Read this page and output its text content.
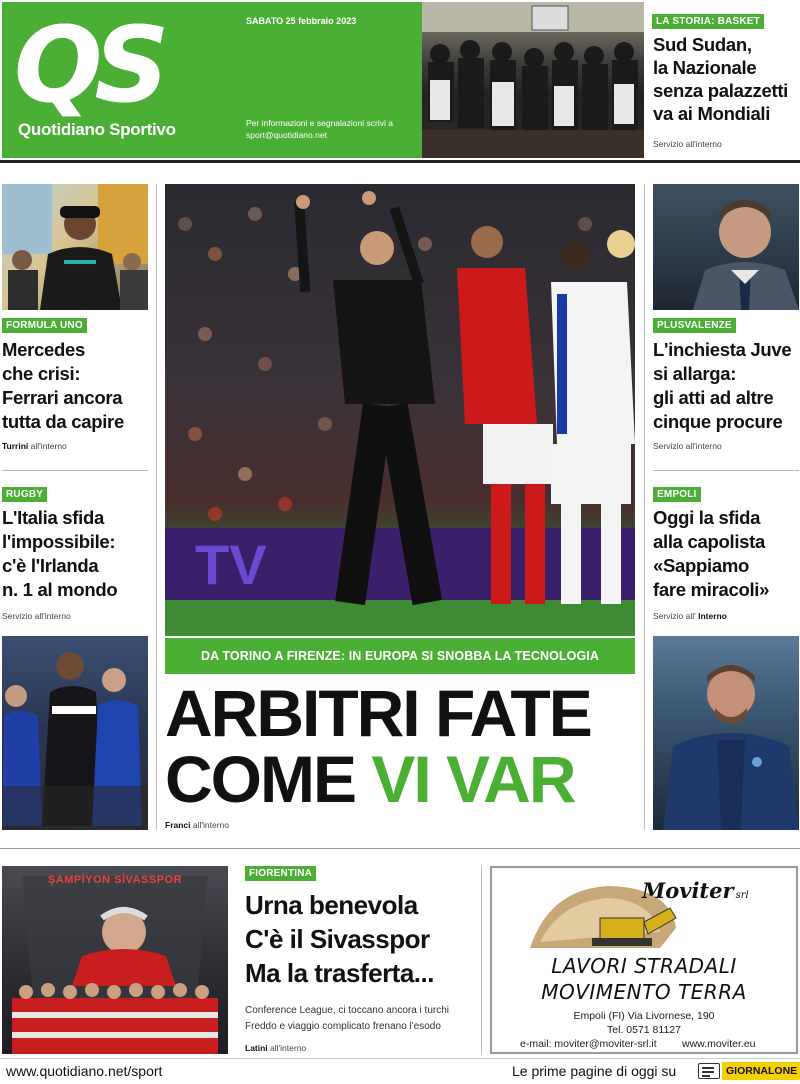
QS
Quotidiano Sportivo
SABATO 25 febbraio 2023
Per informazioni e segnalazioni scrivi a
sport@quotidiano.net
LA STORIA: BASKET
Sud Sudan,
la Nazionale
senza palazzetti
va ai Mondiali
Servizio all'interno
FORMULA UNO
Mercedes
che crisi:
Ferrari ancora
tutta da capire
Turrini all'interno
RUGBY
L'Italia sfida
l'impossibile:
c'è l'Irlanda
n. 1 al mondo
Servizio all'interno
TV
DA TORINO A FIRENZE: IN EUROPA SI SNOBBA LA TECNOLOGIA
ARBITRI FATE
COME VI VAR
Franci all'interno
PLUSVALENZE
L'inchiesta Juve
si allarga:
gli atti ad altre
cinque procure
Servizio all'interno
EMPOLI
Oggi la sfida
alla capolista
«Sappiamo
fare miracoli»
Servizio all' Interno
ŞAMPİYON SİVASSPOR
FIORENTINA
Urna benevola
C'è il Sivasspor
Ma la trasferta...
Conference League, ci toccano ancora i turchi
Freddo e viaggio complicato frenano l'esodo
Latini all'interno
Moviter srl
LAVORI STRADALI
MOVIMENTO TERRA
Empoli (FI) Via Livornese, 190
Tel. 0571 81127
e-mail: moviter@moviter-srl.it www.moviter.eu
www.quotidiano.net/sport	Le prime pagine di oggi su	GIORNALONE
